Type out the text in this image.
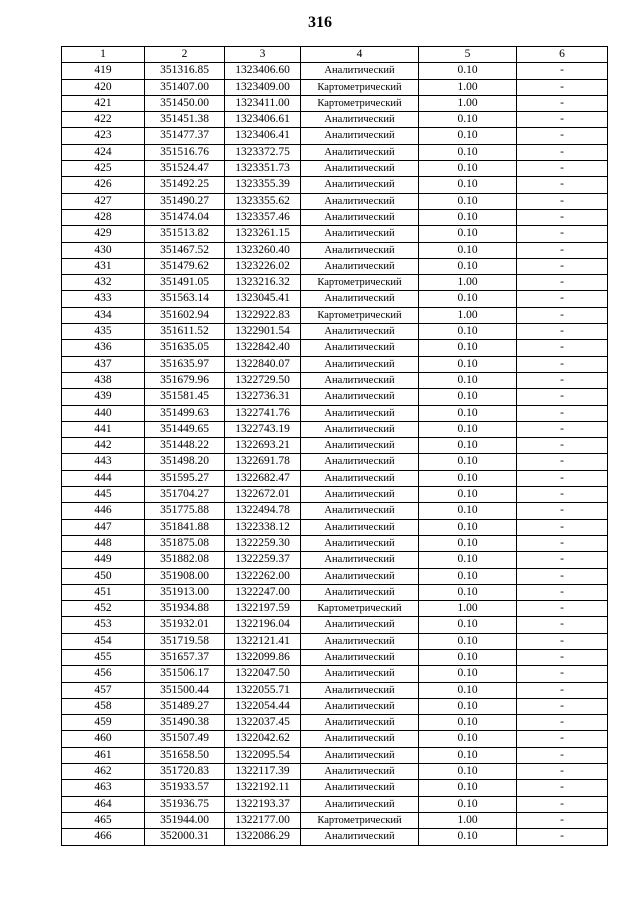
316
1	2	3	4	5	6
419	351316.85	1323406.60	Аналитический	0.10	-
420	351407.00	1323409.00	Картометрический	1.00	-
421	351450.00	1323411.00	Картометрический	1.00	-
422	351451.38	1323406.61	Аналитический	0.10	-
423	351477.37	1323406.41	Аналитический	0.10	-
424	351516.76	1323372.75	Аналитический	0.10	-
425	351524.47	1323351.73	Аналитический	0.10	-
426	351492.25	1323355.39	Аналитический	0.10	-
427	351490.27	1323355.62	Аналитический	0.10	-
428	351474.04	1323357.46	Аналитический	0.10	-
429	351513.82	1323261.15	Аналитический	0.10	-
430	351467.52	1323260.40	Аналитический	0.10	-
431	351479.62	1323226.02	Аналитический	0.10	-
432	351491.05	1323216.32	Картометрический	1.00	-
433	351563.14	1323045.41	Аналитический	0.10	-
434	351602.94	1322922.83	Картометрический	1.00	-
435	351611.52	1322901.54	Аналитический	0.10	-
436	351635.05	1322842.40	Аналитический	0.10	-
437	351635.97	1322840.07	Аналитический	0.10	-
438	351679.96	1322729.50	Аналитический	0.10	-
439	351581.45	1322736.31	Аналитический	0.10	-
440	351499.63	1322741.76	Аналитический	0.10	-
441	351449.65	1322743.19	Аналитический	0.10	-
442	351448.22	1322693.21	Аналитический	0.10	-
443	351498.20	1322691.78	Аналитический	0.10	-
444	351595.27	1322682.47	Аналитический	0.10	-
445	351704.27	1322672.01	Аналитический	0.10	-
446	351775.88	1322494.78	Аналитический	0.10	-
447	351841.88	1322338.12	Аналитический	0.10	-
448	351875.08	1322259.30	Аналитический	0.10	-
449	351882.08	1322259.37	Аналитический	0.10	-
450	351908.00	1322262.00	Аналитический	0.10	-
451	351913.00	1322247.00	Аналитический	0.10	-
452	351934.88	1322197.59	Картометрический	1.00	-
453	351932.01	1322196.04	Аналитический	0.10	-
454	351719.58	1322121.41	Аналитический	0.10	-
455	351657.37	1322099.86	Аналитический	0.10	-
456	351506.17	1322047.50	Аналитический	0.10	-
457	351500.44	1322055.71	Аналитический	0.10	-
458	351489.27	1322054.44	Аналитический	0.10	-
459	351490.38	1322037.45	Аналитический	0.10	-
460	351507.49	1322042.62	Аналитический	0.10	-
461	351658.50	1322095.54	Аналитический	0.10	-
462	351720.83	1322117.39	Аналитический	0.10	-
463	351933.57	1322192.11	Аналитический	0.10	-
464	351936.75	1322193.37	Аналитический	0.10	-
465	351944.00	1322177.00	Картометрический	1.00	-
466	352000.31	1322086.29	Аналитический	0.10	-
